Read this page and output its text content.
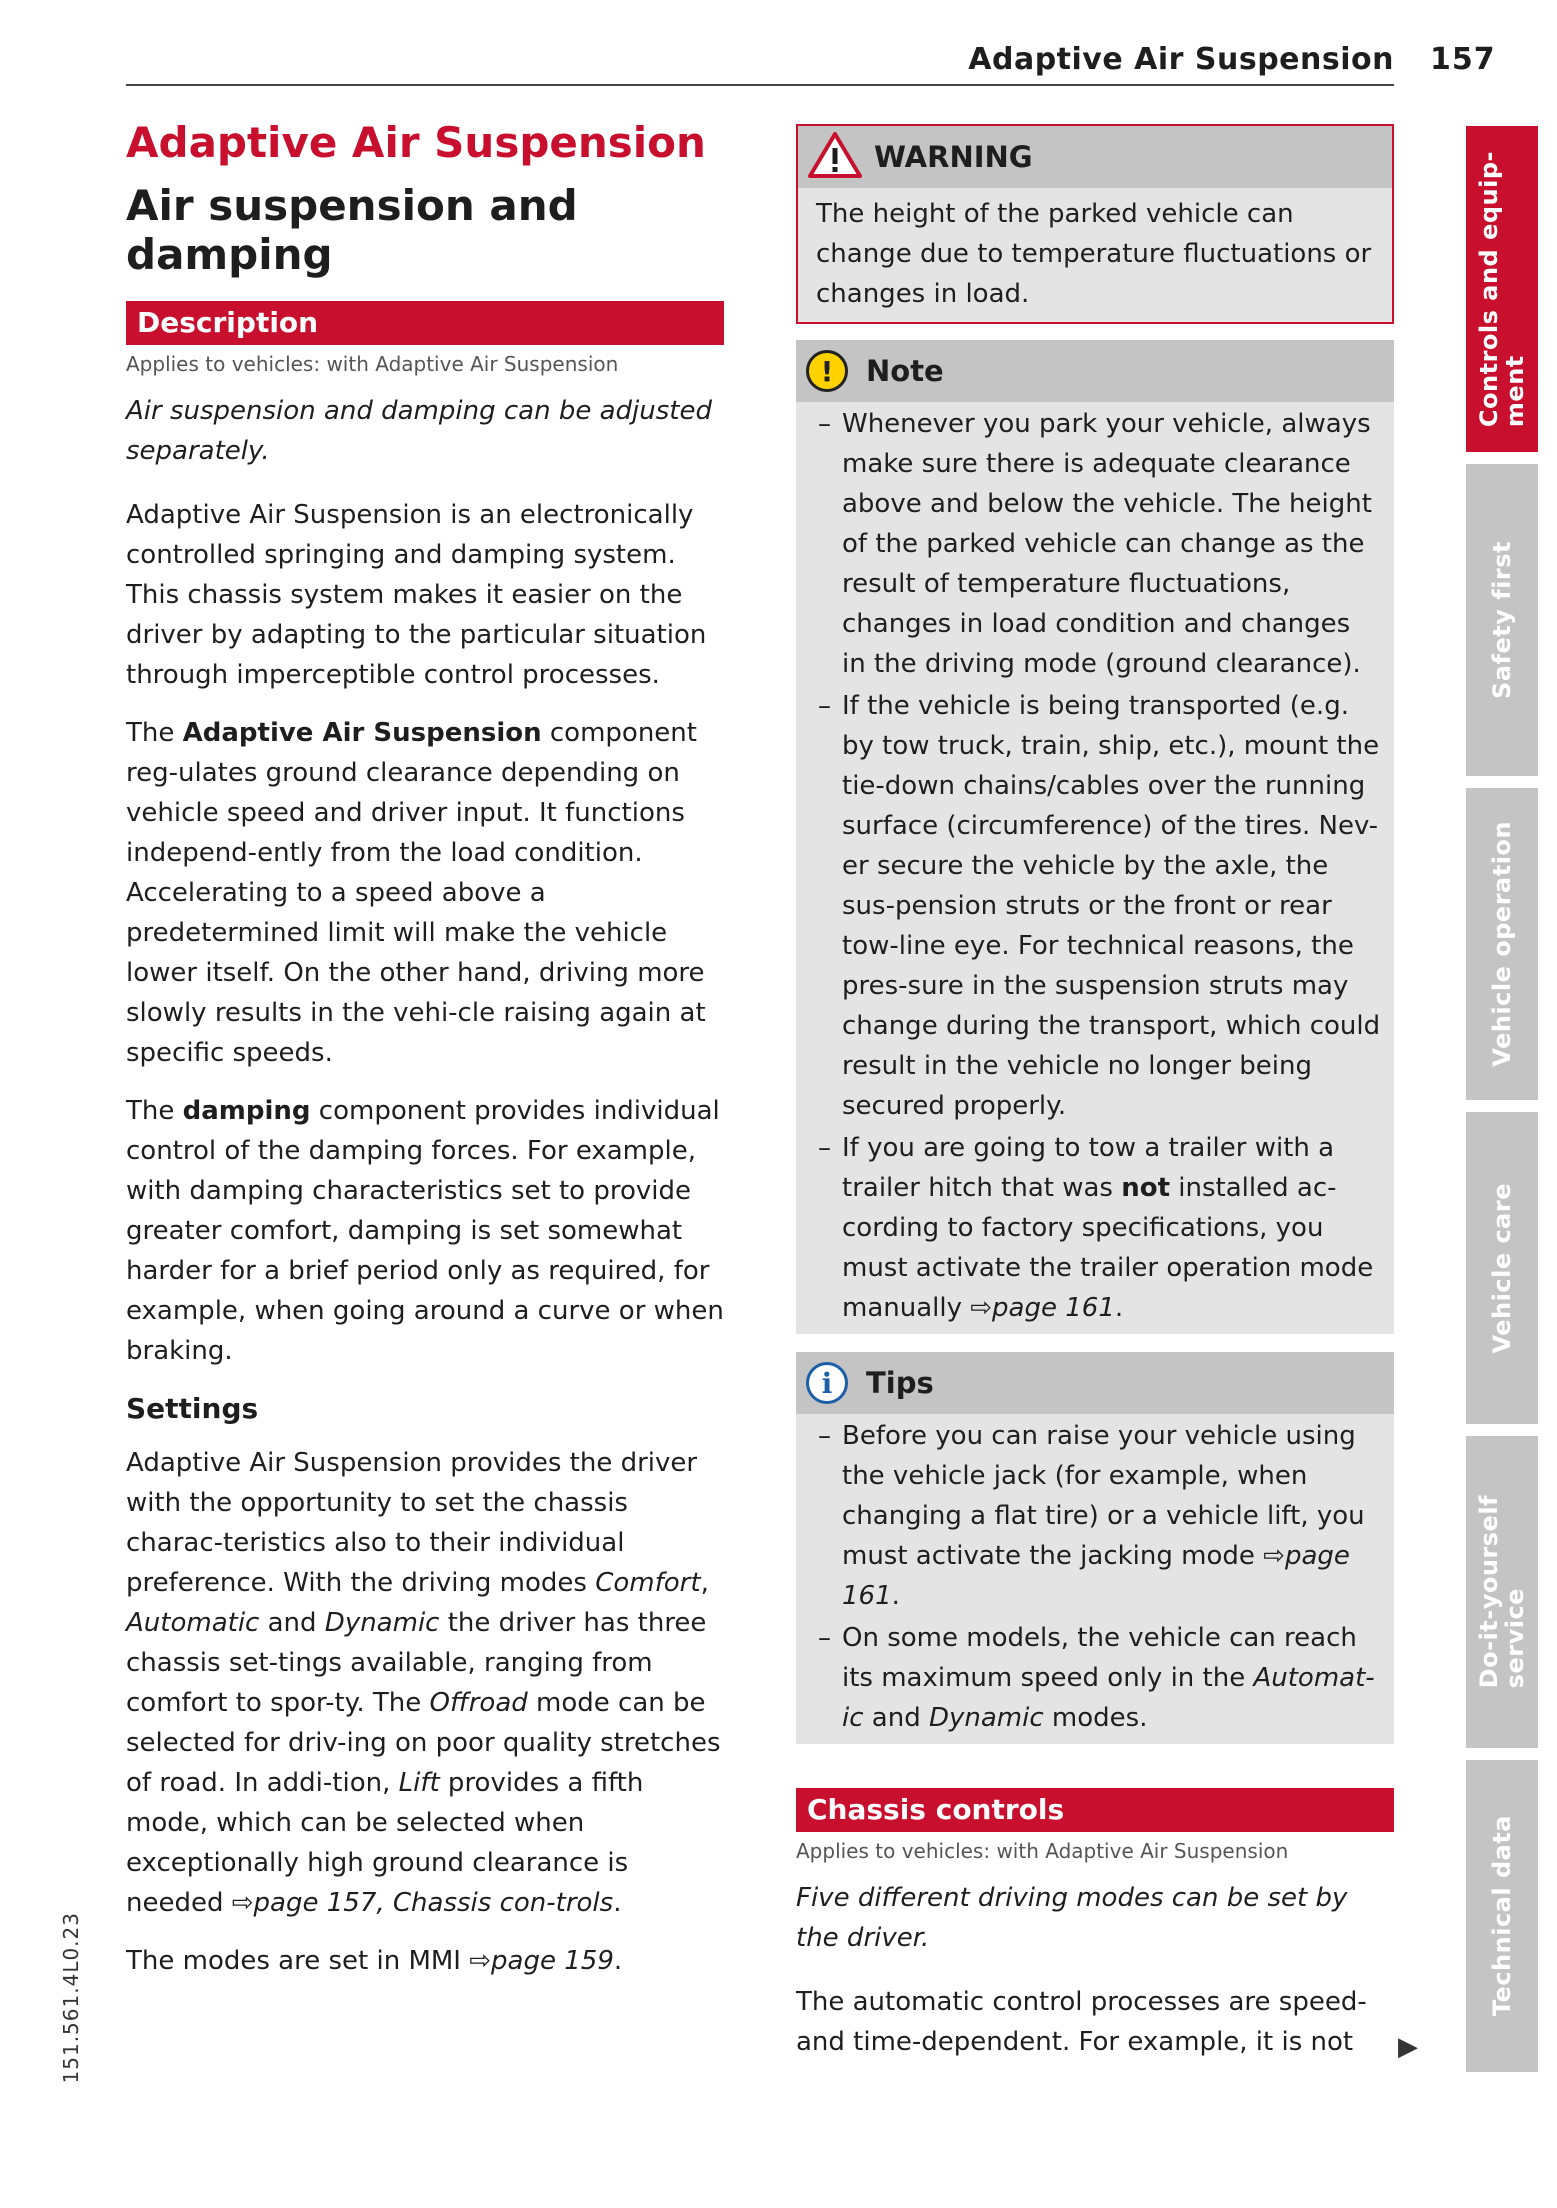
Adaptive Air Suspension 157
Controls and equip-
ment
Safety first
Vehicle operation
Vehicle care
Do-it-yourself
service
Technical data
151.561.4L0.23
Adaptive Air Suspension
Air suspension and damping
Description
Applies to vehicles: with Adaptive Air Suspension

Air suspension and damping can be adjusted separately.

Adaptive Air Suspension is an electronically controlled springing and damping system. This chassis system makes it easier on the driver by adapting to the particular situation through imperceptible control processes.

The Adaptive Air Suspension component reg-ulates ground clearance depending on vehicle speed and driver input. It functions independ-ently from the load condition. Accelerating to a speed above a predetermined limit will make the vehicle lower itself. On the other hand, driving more slowly results in the vehi-cle raising again at specific speeds.

The damping component provides individual control of the damping forces. For example, with damping characteristics set to provide greater comfort, damping is set somewhat harder for a brief period only as required, for example, when going around a curve or when braking.

Settings

Adaptive Air Suspension provides the driver with the opportunity to set the chassis charac-teristics also to their individual preference. With the driving modes Comfort, Automatic and Dynamic the driver has three chassis set-tings available, ranging from comfort to spor-ty. The Offroad mode can be selected for driv-ing on poor quality stretches of road. In addi-tion, Lift provides a fifth mode, which can be selected when exceptionally high ground clearance is needed ⇨page 157, Chassis con-trols.

The modes are set in MMI ⇨page 159.

WARNING

The height of the parked vehicle can change due to temperature fluctuations or changes in load.

!	Note
– Whenever you park your vehicle, always make sure there is adequate clearance above and below the vehicle. The height of the parked vehicle can change as the result of temperature fluctuations, changes in load condition and changes in the driving mode (ground clearance).
– If the vehicle is being transported (e.g. by tow truck, train, ship, etc.), mount the tie-down chains/cables over the running surface (circumference) of the tires. Nev-er secure the vehicle by the axle, the sus-pension struts or the front or rear tow-line eye. For technical reasons, the pres-sure in the suspension struts may change during the transport, which could result in the vehicle no longer being secured properly.
– If you are going to tow a trailer with a trailer hitch that was not installed ac-cording to factory specifications, you must activate the trailer operation mode manually ⇨page 161.
i	Tips
– Before you can raise your vehicle using the vehicle jack (for example, when changing a flat tire) or a vehicle lift, you must activate the jacking mode ⇨page 161.
– On some models, the vehicle can reach its maximum speed only in the Automat-ic and Dynamic modes.
Chassis controls
Applies to vehicles: with Adaptive Air Suspension

Five different driving modes can be set by the driver.

The automatic control processes are speed- and time-dependent. For example, it is not	▶
